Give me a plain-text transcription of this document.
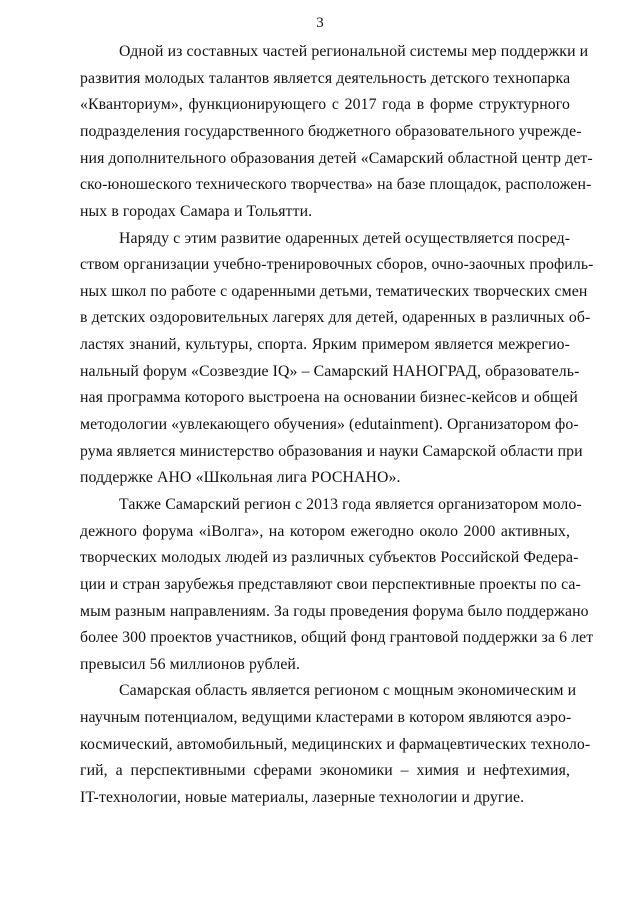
3
Одной из составных частей региональной системы мер поддержки и
развития молодых талантов является деятельность детского технопарка
«Кванториум», функционирующего с 2017 года в форме структурного
подразделения государственного бюджетного образовательного учрежде-
ния дополнительного образования детей «Самарский областной центр дет-
ско-юношеского технического творчества» на базе площадок, расположен-
ных в городах Самара и Тольятти.
Наряду с этим развитие одаренных детей осуществляется посред-
ством организации учебно-тренировочных сборов, очно-заочных профиль-
ных школ по работе с одаренными детьми, тематических творческих смен
в детских оздоровительных лагерях для детей, одаренных в различных об-
ластях знаний, культуры, спорта. Ярким примером является межрегио-
нальный форум «Созвездие IQ» – Самарский НАНОГРАД, образователь-
ная программа которого выстроена на основании бизнес-кейсов и общей
методологии «увлекающего обучения» (edutainment). Организатором фо-
рума является министерство образования и науки Самарской области при
поддержке АНО «Школьная лига РОСНАНО».
Также Самарский регион с 2013 года является организатором моло-
дежного форума «iВолга», на котором ежегодно около 2000 активных,
творческих молодых людей из различных субъектов Российской Федера-
ции и стран зарубежья представляют свои перспективные проекты по са-
мым разным направлениям. За годы проведения форума было поддержано
более 300 проектов участников, общий фонд грантовой поддержки за 6 лет
превысил 56 миллионов рублей.
Самарская область является регионом с мощным экономическим и
научным потенциалом, ведущими кластерами в котором являются аэро-
космический, автомобильный, медицинских и фармацевтических техноло-
гий, а перспективными сферами экономики – химия и нефтехимия,
IT-технологии, новые материалы, лазерные технологии и другие.
